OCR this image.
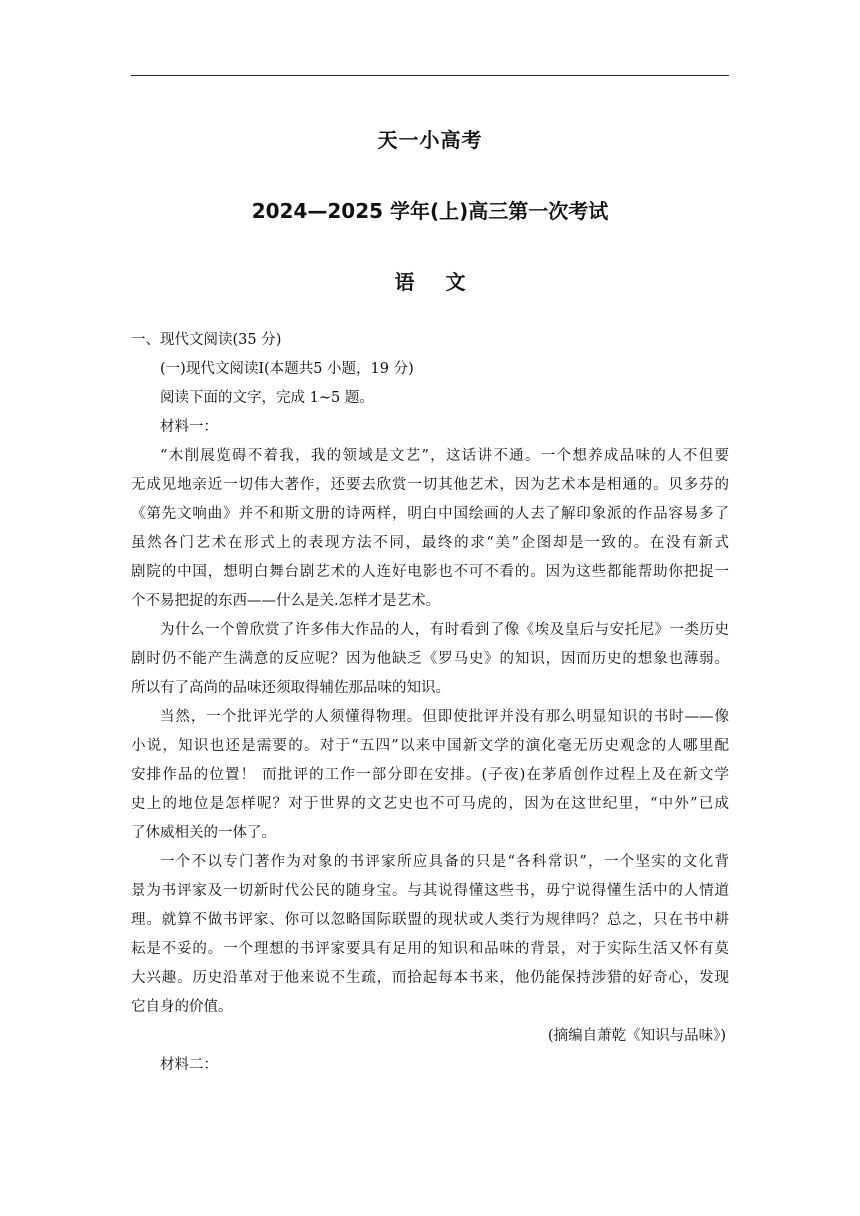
天一小高考
2024—2025 学年(上)高三第一次考试
语 文
一、现代文阅读(35 分)
(一)现代文阅读Ⅰ(本题共5 小题，19 分)
阅读下面的文字，完成 1~5 题。
材料一：
“木削展览碍不着我，我的领域是文艺”，这话讲不通。一个想养成品味的人不但要
无成见地亲近一切伟大著作，还要去欣赏一切其他艺术，因为艺术本是相通的。贝多芬的
《第先文响曲》并不和斯文册的诗两样，明白中国绘画的人去了解印象派的作品容易多了
虽然各门艺术在形式上的表现方法不同，最终的求“美”企图却是一致的。在没有新式
剧院的中国，想明白舞台剧艺术的人连好电影也不可不看的。因为这些都能帮助你把捉一
个不易把捉的东西——什么是关.怎样才是艺术。
为什么一个曾欣赏了许多伟大作品的人，有时看到了像《埃及皇后与安托尼》一类历史
剧时仍不能产生满意的反应呢？因为他缺乏《罗马史》的知识，因而历史的想象也薄弱。
所以有了高尚的品味还须取得辅佐那品味的知识。
当然，一个批评光学的人须懂得物理。但即使批评并没有那么明显知识的书时——像
小说，知识也还是需要的。对于“五四”以来中国新文学的演化毫无历史观念的人哪里配
安排作品的位置！ 而批评的工作一部分即在安排。(子夜)在茅盾创作过程上及在新文学
史上的地位是怎样呢？对于世界的文艺史也不可马虎的，因为在这世纪里，“中外”已成
了休威相关的一体了。
一个不以专门著作为对象的书评家所应具备的只是“各科常识”，一个坚实的文化背
景为书评家及一切新时代公民的随身宝。与其说得懂这些书，毋宁说得懂生活中的人情道
理。就算不做书评家、你可以忽略国际联盟的现状或人类行为规律吗？总之，只在书中耕
耘是不妥的。一个理想的书评家要具有足用的知识和品味的背景，对于实际生活又怀有莫
大兴趣。历史沿革对于他来说不生疏，而拾起每本书来，他仍能保持涉猎的好奇心，发现
它自身的价值。
(摘编自萧乾《知识与品味》)
材料二：
